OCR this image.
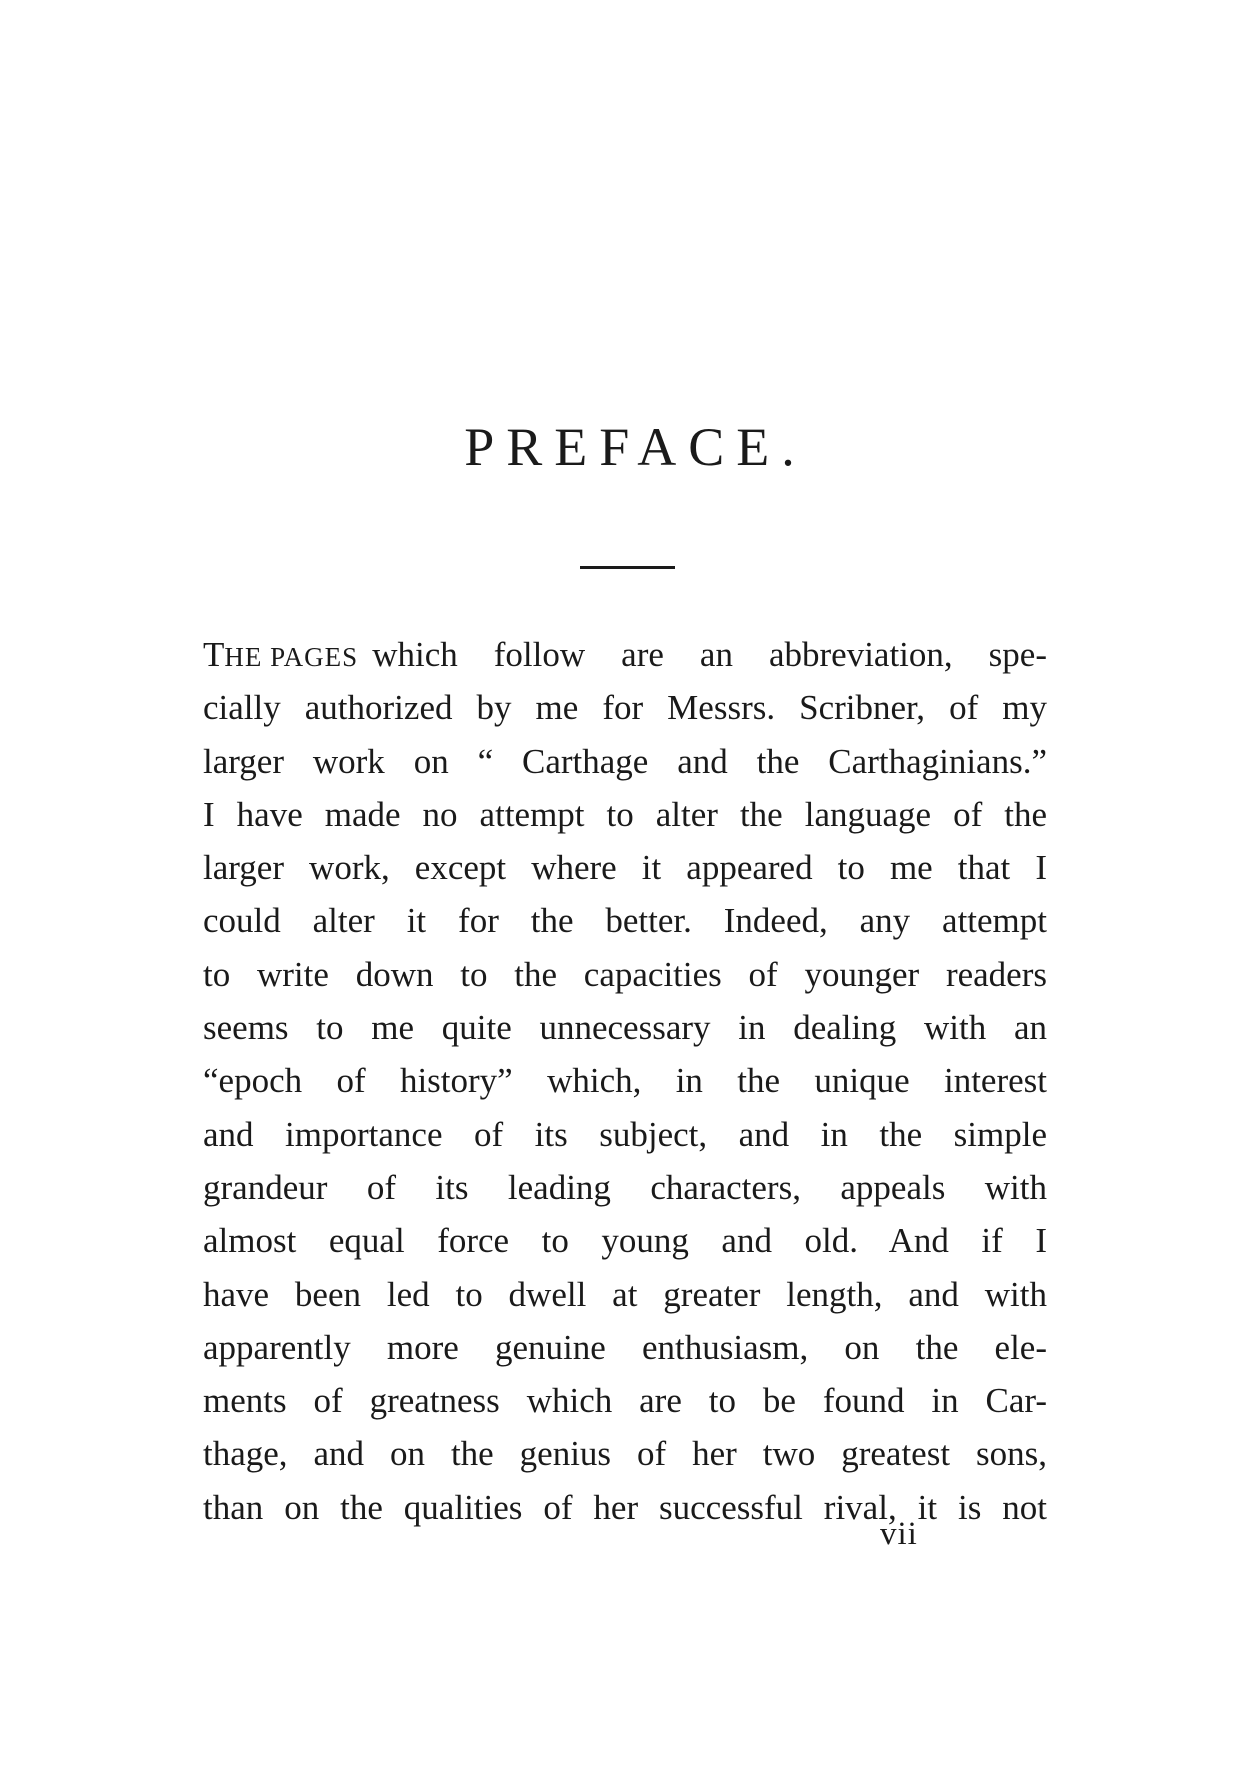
PREFACE.
THE PAGES which follow are an abbreviation, spe-
cially authorized by me for Messrs. Scribner, of my
larger work on “ Carthage and the Carthaginians.”
I have made no attempt to alter the language of the
larger work, except where it appeared to me that I
could alter it for the better. Indeed, any attempt
to write down to the capacities of younger readers
seems to me quite unnecessary in dealing with an
“epoch of history” which, in the unique interest
and importance of its subject, and in the simple
grandeur of its leading characters, appeals with
almost equal force to young and old. And if I
have been led to dwell at greater length, and with
apparently more genuine enthusiasm, on the ele-
ments of greatness which are to be found in Car-
thage, and on the genius of her two greatest sons,
than on the qualities of her successful rival, it is not
vii
